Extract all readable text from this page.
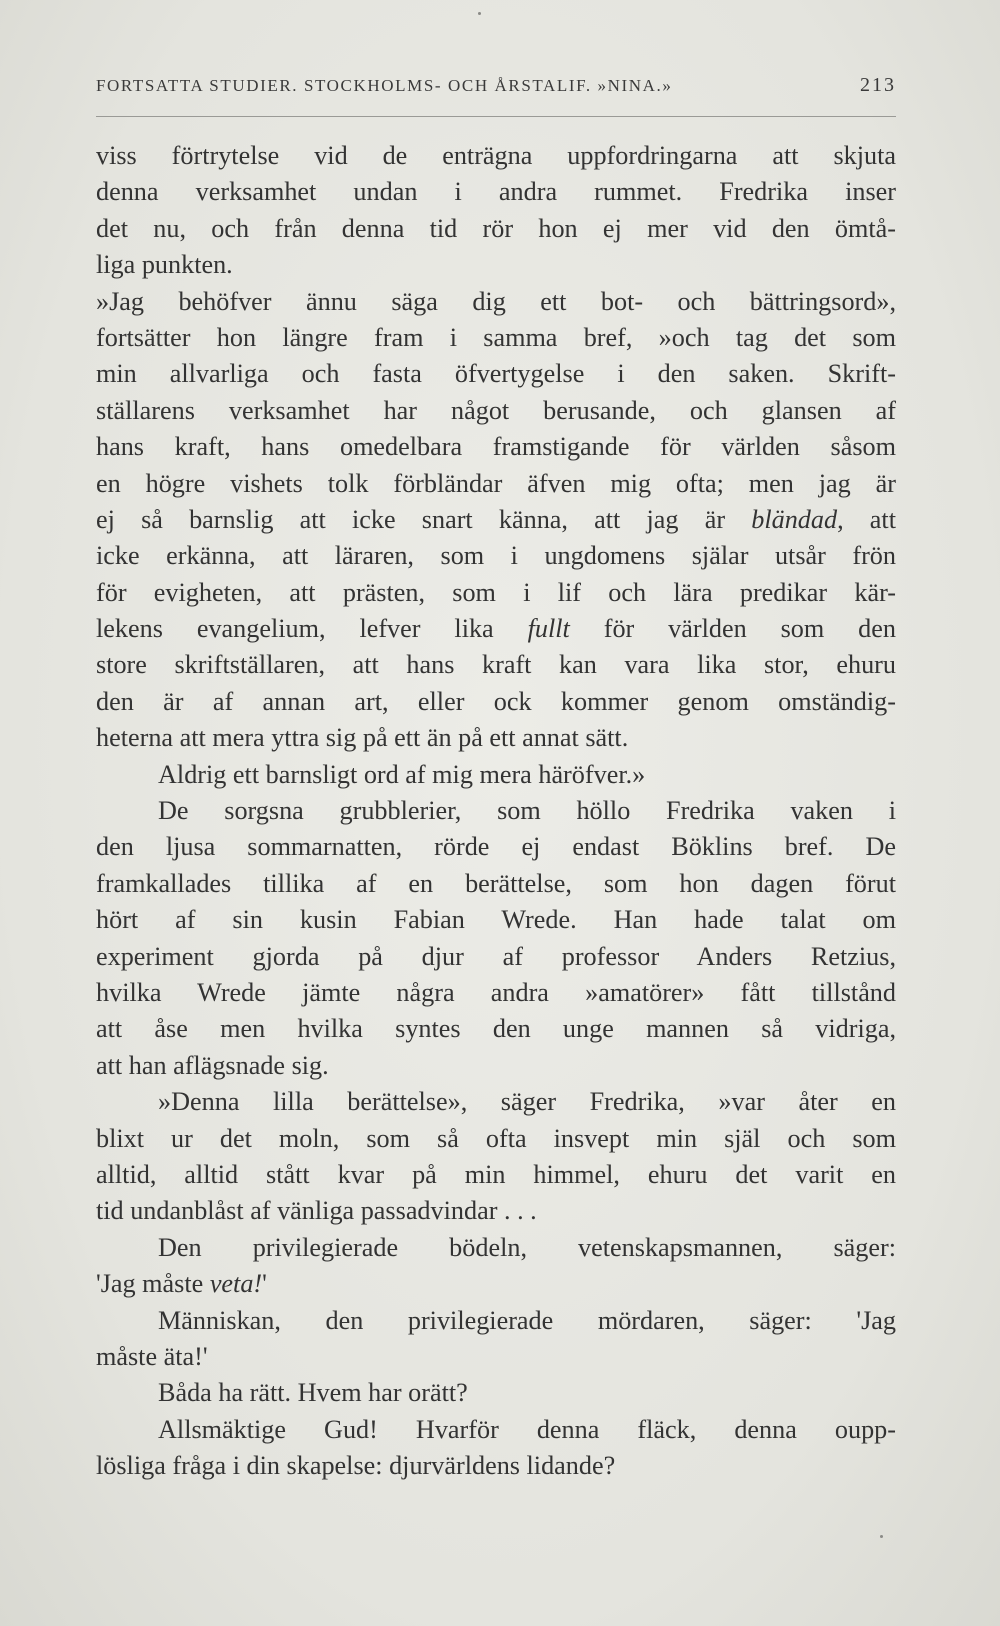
FORTSATTA STUDIER. STOCKHOLMS- OCH ÅRSTALIF. »NINA.»	213
viss förtrytelse vid de enträgna uppfordringarna att skjuta
denna verksamhet undan i andra rummet. Fredrika inser
det nu, och från denna tid rör hon ej mer vid den ömtå-
liga punkten.
»Jag behöfver ännu säga dig ett bot- och bättringsord»,
fortsätter hon längre fram i samma bref, »och tag det som
min allvarliga och fasta öfvertygelse i den saken. Skrift-
ställarens verksamhet har något berusande, och glansen af
hans kraft, hans omedelbara framstigande för världen såsom
en högre vishets tolk förbländar äfven mig ofta; men jag är
ej så barnslig att icke snart känna, att jag är bländad, att
icke erkänna, att läraren, som i ungdomens själar utsår frön
för evigheten, att prästen, som i lif och lära predikar kär-
lekens evangelium, lefver lika fullt för världen som den
store skriftställaren, att hans kraft kan vara lika stor, ehuru
den är af annan art, eller ock kommer genom omständig-
heterna att mera yttra sig på ett än på ett annat sätt.
Aldrig ett barnsligt ord af mig mera häröfver.»
De sorgsna grubblerier, som höllo Fredrika vaken i
den ljusa sommarnatten, rörde ej endast Böklins bref. De
framkallades tillika af en berättelse, som hon dagen förut
hört af sin kusin Fabian Wrede. Han hade talat om
experiment gjorda på djur af professor Anders Retzius,
hvilka Wrede jämte några andra »amatörer» fått tillstånd
att åse men hvilka syntes den unge mannen så vidriga,
att han aflägsnade sig.
»Denna lilla berättelse», säger Fredrika, »var åter en
blixt ur det moln, som så ofta insvept min själ och som
alltid, alltid stått kvar på min himmel, ehuru det varit en
tid undanblåst af vänliga passadvindar . . .
Den privilegierade bödeln, vetenskapsmannen, säger:
'Jag måste veta!'
Människan, den privilegierade mördaren, säger: 'Jag
måste äta!'
Båda ha rätt. Hvem har orätt?
Allsmäktige Gud! Hvarför denna fläck, denna oupp-
lösliga fråga i din skapelse: djurvärldens lidande?
